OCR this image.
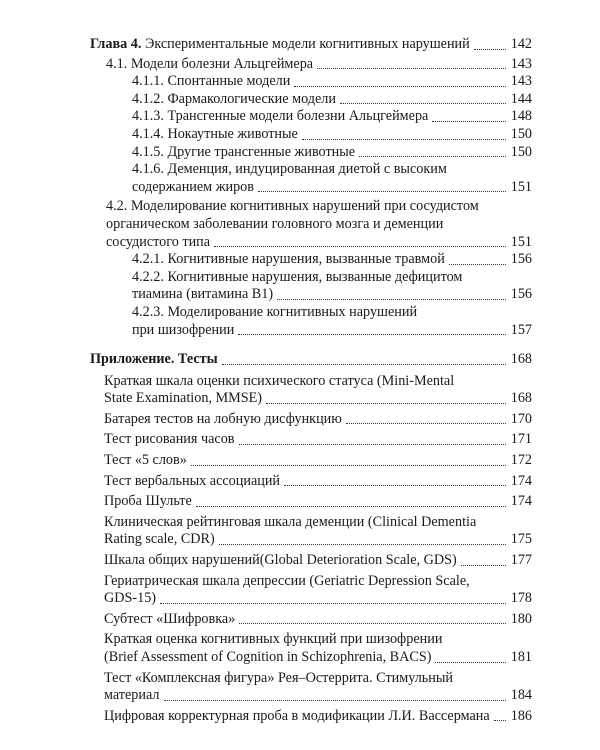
Глава 4. Экспериментальные модели когнитивных нарушений	142
4.1. Модели болезни Альцгеймера	143
4.1.1. Спонтанные модели	143
4.1.2. Фармакологические модели	144
4.1.3. Трансгенные модели болезни Альцгеймера	148
4.1.4. Нокаутные животные	150
4.1.5. Другие трансгенные животные	150
4.1.6. Деменция, индуцированная диетой с высоким
содержанием жиров	151
4.2. Моделирование когнитивных нарушений при сосудистом
органическом заболевании головного мозга и деменции
сосудистого типа	151
4.2.1. Когнитивные нарушения, вызванные травмой	156
4.2.2. Когнитивные нарушения, вызванные дефицитом
тиамина (витамина B1)	156
4.2.3. Моделирование когнитивных нарушений
при шизофрении	157
Приложение. Тесты	168
Краткая шкала оценки психического статуса (Mini-Mental
State Examination, MMSE)	168
Батарея тестов на лобную дисфункцию	170
Тест рисования часов	171
Тест «5 слов»	172
Тест вербальных ассоциаций	174
Проба Шульте	174
Клиническая рейтинговая шкала деменции (Clinical Dementia
Rating scale, CDR)	175
Шкала общих нарушений(Global Deterioration Scale, GDS)	177
Гериатрическая шкала депрессии (Geriatric Depression Scale,
GDS-15)	178
Субтест «Шифровка»	180
Краткая оценка когнитивных функций при шизофрении
(Brief Assessment of Cognition in Schizophrenia, BACS)	181
Тест «Комплексная фигура» Рея–Остеррита. Стимульный
материал	184
Цифровая корректурная проба в модификации Л.И. Вассермана 186
